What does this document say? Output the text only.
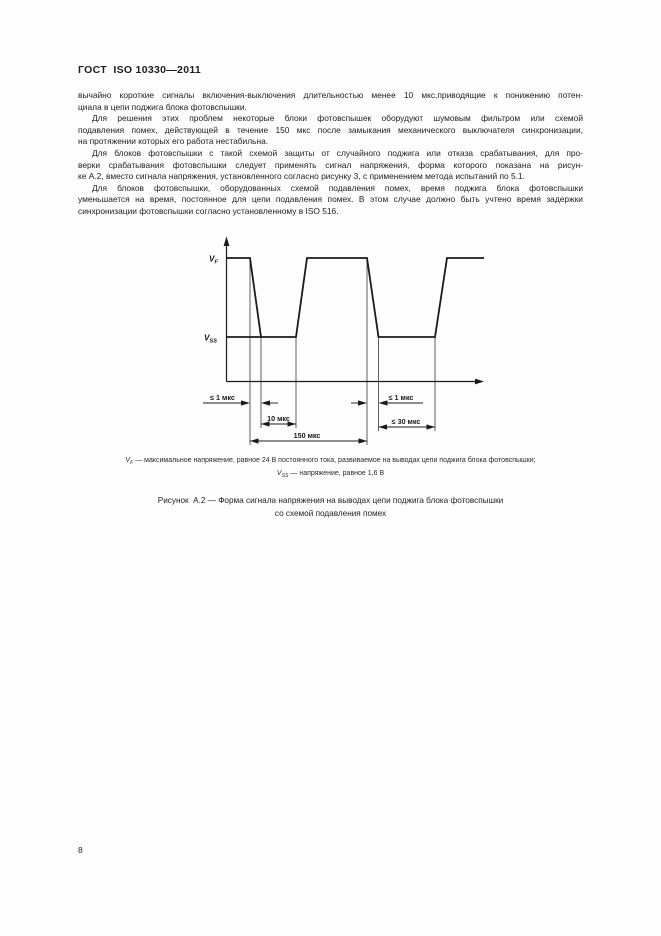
ГОСТ  ISO 10330—2011
вычайно короткие сигналы включения-выключения длительностью менее 10 мкс,приводящие к понижению потен-
циала в цепи поджига блока фотовспышки.
Для решения этих проблем некоторые блоки фотовспышек оборудуют шумовым фильтром или схемой
подавления помех, действующей в течение 150 мкс после замыкания механического выключателя синхронизации,
на протяжении которых его работа нестабильна.
Для блоков фотовспышки с такой схемой защиты от случайного поджига или отказа срабатывания, для про-
верки срабатывания фотовспышки следует применять сигнал напряжения, форма которого показана на рисун-
ке А.2, вместо сигнала напряжения, установленного согласно рисунку 3, с применением метода испытаний по 5.1.
Для блоков фотовспышки, оборудованных схемой подавления помех, время поджига блока фотовспышки
уменьшается на время, постоянное для цепи подавления помех. В этом случае должно быть учтено время задержки
синхронизации фотовспышки согласно установленному в ISO 516.
≤ 1 мкс
10 мкс
150 мкс
≤ 1 мкс
≤ 30 мкс
$V_F$
$V_{SS}$
$V_F$ — максимальное напряжение, равное 24 В постоянного тока, развиваемое на выводах цепи поджига блока фотовспышки;
$V_{SS}$ — напряжение, равное 1,6 В
Рисунок  А.2 — Форма сигнала напряжения на выводах цепи поджига блока фотовспышки
со схемой подавления помех
8
